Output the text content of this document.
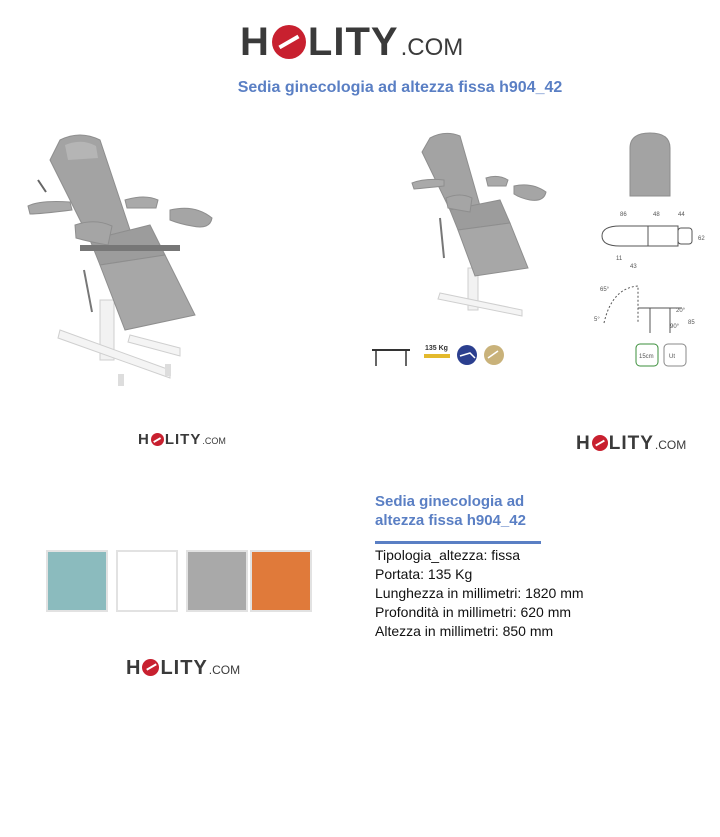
H LITY .COM
Sedia ginecologia ad altezza fissa h904_42
135 Kg
86	48	44
62
11
43
65°
5°
20°
90°
85
15cm	Ut
H LITY .COM	H LITY .COM
H LITY .COM
Sedia ginecologia ad altezza fissa h904_42
Tipologia_altezza: fissa
Portata: 135 Kg
Lunghezza in millimetri: 1820 mm
Profondità in millimetri: 620 mm
Altezza in millimetri: 850 mm
